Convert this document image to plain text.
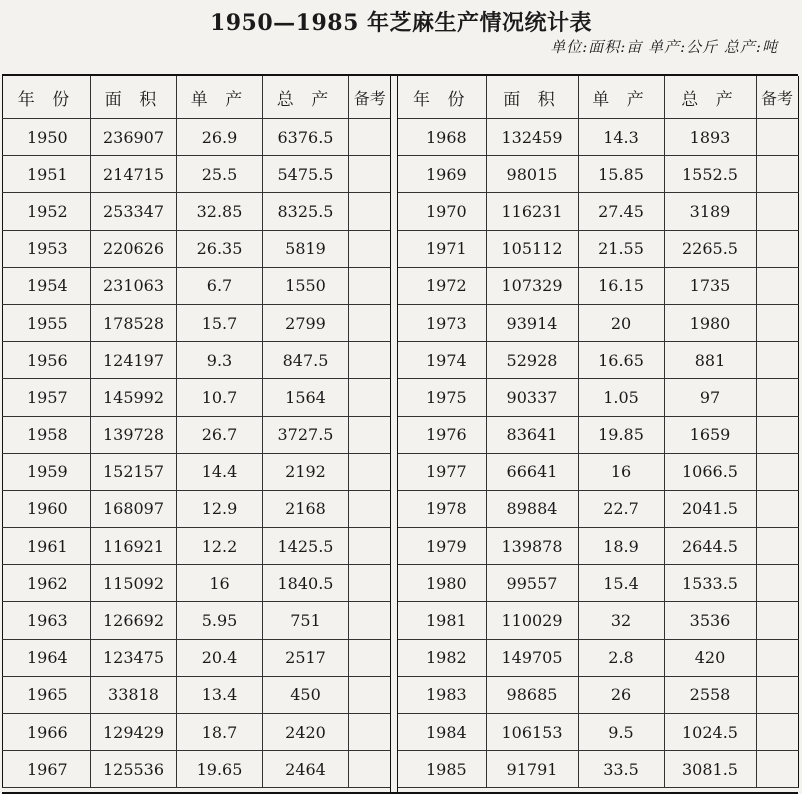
1950—1985 年芝麻生产情况统计表
单位:面积:亩 单产:公斤 总产:吨
年 份	面 积	单 产	总 产	备考
1950	236907	26.9	6376.5	
1951	214715	25.5	5475.5	
1952	253347	32.85	8325.5	
1953	220626	26.35	5819	
1954	231063	6.7	1550	
1955	178528	15.7	2799	
1956	124197	9.3	847.5	
1957	145992	10.7	1564	
1958	139728	26.7	3727.5	
1959	152157	14.4	2192	
1960	168097	12.9	2168	
1961	116921	12.2	1425.5	
1962	115092	16	1840.5	
1963	126692	5.95	751	
1964	123475	20.4	2517	
1965	33818	13.4	450	
1966	129429	18.7	2420	
1967	125536	19.65	2464	
年 份	面 积	单 产	总 产	备考
1968	132459	14.3	1893	
1969	98015	15.85	1552.5	
1970	116231	27.45	3189	
1971	105112	21.55	2265.5	
1972	107329	16.15	1735	
1973	93914	20	1980	
1974	52928	16.65	881	
1975	90337	1.05	97	
1976	83641	19.85	1659	
1977	66641	16	1066.5	
1978	89884	22.7	2041.5	
1979	139878	18.9	2644.5	
1980	99557	15.4	1533.5	
1981	110029	32	3536	
1982	149705	2.8	420	
1983	98685	26	2558	
1984	106153	9.5	1024.5	
1985	91791	33.5	3081.5	
